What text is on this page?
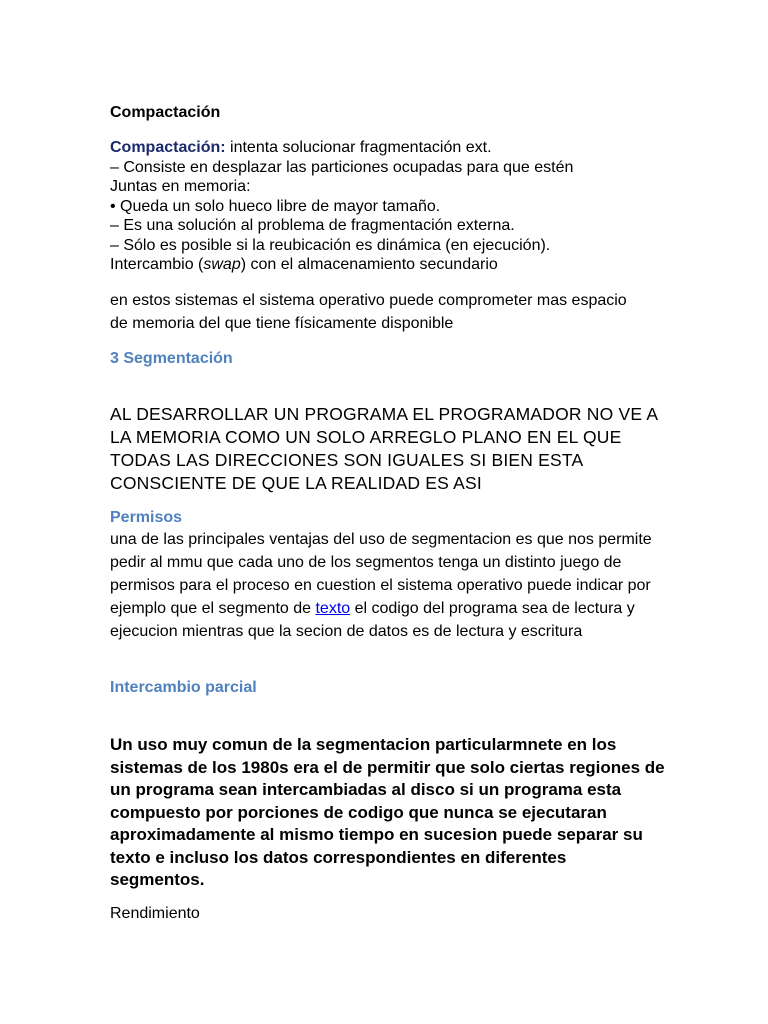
Compactación
Compactación: intenta solucionar fragmentación ext.
– Consiste en desplazar las particiones ocupadas para que estén
Juntas en memoria:
• Queda un solo hueco libre de mayor tamaño.
– Es una solución al problema de fragmentación externa.
– Sólo es posible si la reubicación es dinámica (en ejecución).
Intercambio (swap) con el almacenamiento secundario

en estos sistemas el sistema operativo puede comprometer mas espacio de memoria del que tiene físicamente disponible

3 Segmentación

AL DESARROLLAR UN PROGRAMA EL PROGRAMADOR NO VE A LA MEMORIA COMO UN SOLO ARREGLO PLANO EN EL QUE TODAS LAS DIRECCIONES SON IGUALES SI BIEN ESTA CONSCIENTE DE QUE LA REALIDAD ES ASI

Permisos
una de las principales ventajas del uso de segmentacion es que nos permite pedir al mmu que cada uno de los segmentos tenga un distinto juego de permisos para el proceso en cuestion el sistema operativo puede indicar por ejemplo que el segmento de texto el codigo del programa sea de lectura y ejecucion mientras que la secion de datos es de lectura y escritura
Intercambio parcial

Un uso muy comun de la segmentacion particularmnete en los sistemas de los 1980s era el de permitir que solo ciertas regiones de un programa sean intercambiadas al disco si un programa esta compuesto por porciones de codigo que nunca se ejecutaran aproximadamente al mismo tiempo en sucesion puede separar su texto e incluso los datos correspondientes en diferentes segmentos.

Rendimiento
